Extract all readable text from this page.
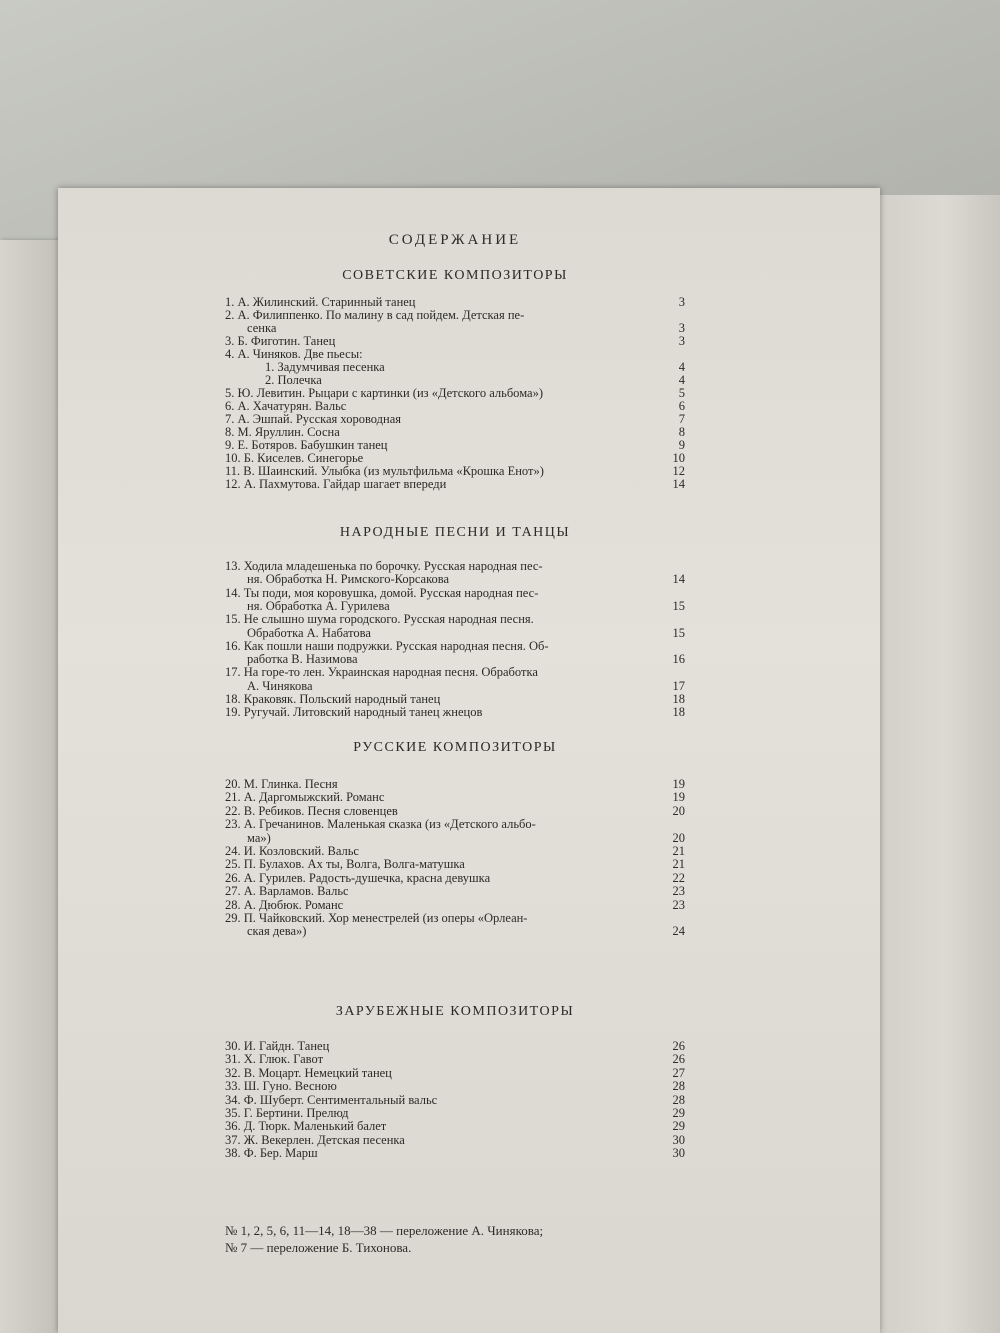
СОДЕРЖАНИЕ
СОВЕТСКИЕ КОМПОЗИТОРЫ
1. А. Жилинский. Старинный танец	3
2. А. Филиппенко. По малину в сад пойдем. Детская пе-
сенка	3
3. Б. Фиготин. Танец	3
4. А. Чиняков. Две пьесы:
1. Задумчивая песенка	4
2. Полечка	4
5. Ю. Левитин. Рыцари с картинки (из «Детского альбома»)	5
6. А. Хачатурян. Вальс	6
7. А. Эшпай. Русская хороводная	7
8. М. Яруллин. Сосна	8
9. Е. Ботяров. Бабушкин танец	9
10. Б. Киселев. Синегорье	10
11. В. Шаинский. Улыбка (из мультфильма «Крошка Енот»)	12
12. А. Пахмутова. Гайдар шагает впереди	14
НАРОДНЫЕ ПЕСНИ И ТАНЦЫ
13. Ходила младешенька по борочку. Русская народная пес-
ня. Обработка Н. Римского-Корсакова	14
14. Ты поди, моя коровушка, домой. Русская народная пес-
ня. Обработка А. Гурилева	15
15. Не слышно шума городского. Русская народная песня.
Обработка А. Набатова	15
16. Как пошли наши подружки. Русская народная песня. Об-
работка В. Назимова	16
17. На горе-то лен. Украинская народная песня. Обработка
А. Чинякова	17
18. Краковяк. Польский народный танец	18
19. Ругучай. Литовский народный танец жнецов	18
РУССКИЕ КОМПОЗИТОРЫ
20. М. Глинка. Песня	19
21. А. Даргомыжский. Романс	19
22. В. Ребиков. Песня словенцев	20
23. А. Гречанинов. Маленькая сказка (из «Детского альбо-
ма»)	20
24. И. Козловский. Вальс	21
25. П. Булахов. Ах ты, Волга, Волга-матушка	21
26. А. Гурилев. Радость-душечка, красна девушка	22
27. А. Варламов. Вальс	23
28. А. Дюбюк. Романс	23
29. П. Чайковский. Хор менестрелей (из оперы «Орлеан-
ская дева»)	24
ЗАРУБЕЖНЫЕ КОМПОЗИТОРЫ
30. И. Гайдн. Танец	26
31. Х. Глюк. Гавот	26
32. В. Моцарт. Немецкий танец	27
33. Ш. Гуно. Весною	28
34. Ф. Шуберт. Сентиментальный вальс	28
35. Г. Бертини. Прелюд	29
36. Д. Тюрк. Маленький балет	29
37. Ж. Векерлен. Детская песенка	30
38. Ф. Бер. Марш	30
№ 1, 2, 5, 6, 11—14, 18—38 — переложение А. Чинякова;
№ 7 — переложение Б. Тихонова.
